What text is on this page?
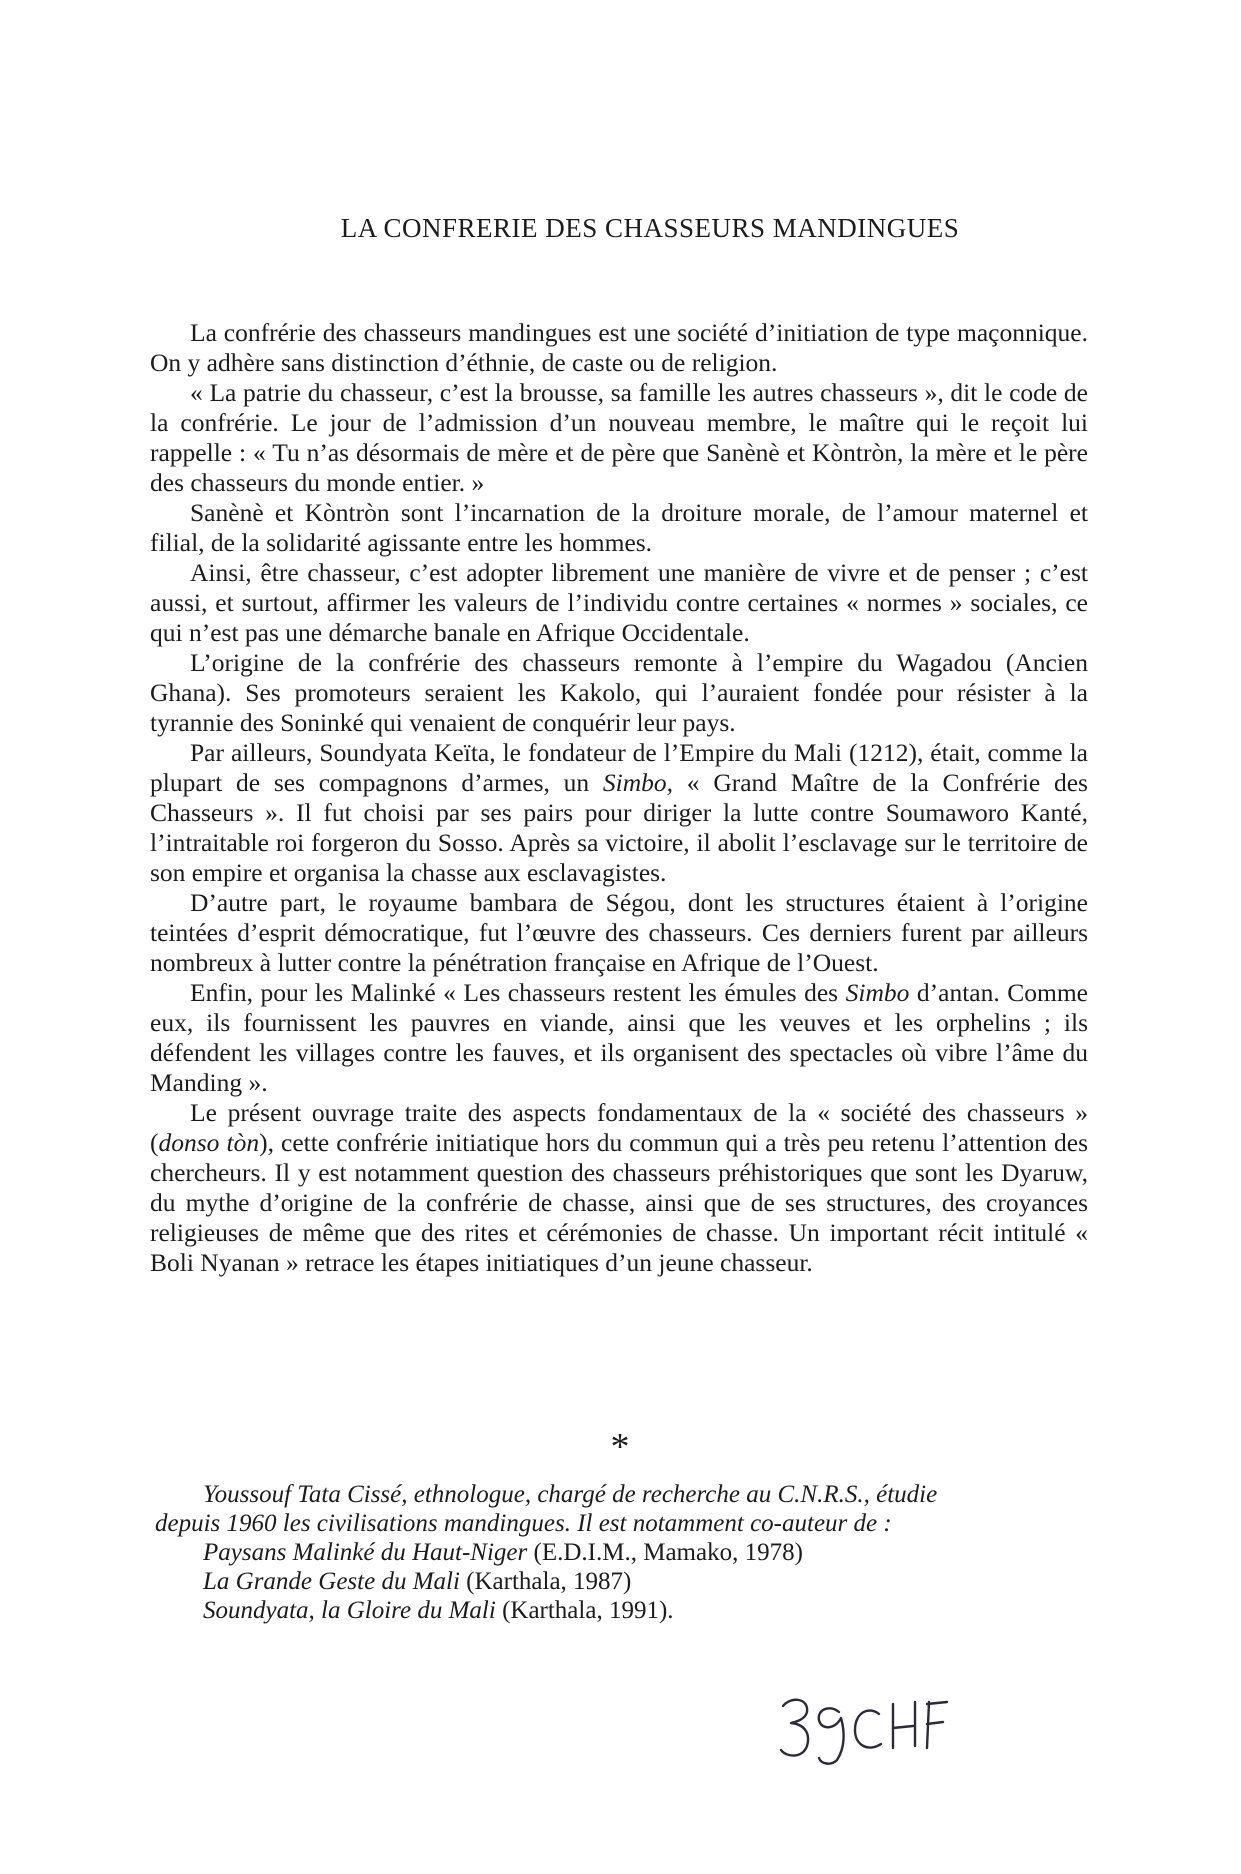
LA CONFRERIE DES CHASSEURS MANDINGUES

La confrérie des chasseurs mandingues est une société d’initiation de type maçonnique. On y adhère sans distinction d’éthnie, de caste ou de religion.

« La patrie du chasseur, c’est la brousse, sa famille les autres chasseurs », dit le code de la confrérie. Le jour de l’admission d’un nouveau membre, le maître qui le reçoit lui rappelle : « Tu n’as désormais de mère et de père que Sanènè et Kòntròn, la mère et le père des chasseurs du monde entier. »

Sanènè et Kòntròn sont l’incarnation de la droiture morale, de l’amour maternel et filial, de la solidarité agissante entre les hommes.

Ainsi, être chasseur, c’est adopter librement une manière de vivre et de penser ; c’est aussi, et surtout, affirmer les valeurs de l’individu contre certaines « normes » sociales, ce qui n’est pas une démarche banale en Afrique Occidentale.

L’origine de la confrérie des chasseurs remonte à l’empire du Wagadou (Ancien Ghana). Ses promoteurs seraient les Kakolo, qui l’auraient fondée pour résister à la tyrannie des Soninké qui venaient de conquérir leur pays.

Par ailleurs, Soundyata Keïta, le fondateur de l’Empire du Mali (1212), était, comme la plupart de ses compagnons d’armes, un Simbo, « Grand Maître de la Confrérie des Chasseurs ». Il fut choisi par ses pairs pour diriger la lutte contre Soumaworo Kanté, l’intraitable roi forgeron du Sosso. Après sa victoire, il abolit l’esclavage sur le territoire de son empire et organisa la chasse aux esclavagistes.

D’autre part, le royaume bambara de Ségou, dont les structures étaient à l’origine teintées d’esprit démocratique, fut l’œuvre des chasseurs. Ces derniers furent par ailleurs nombreux à lutter contre la pénétration française en Afrique de l’Ouest.

Enfin, pour les Malinké « Les chasseurs restent les émules des Simbo d’antan. Comme eux, ils fournissent les pauvres en viande, ainsi que les veuves et les orphelins ; ils défendent les villages contre les fauves, et ils organisent des spectacles où vibre l’âme du Manding ».

Le présent ouvrage traite des aspects fondamentaux de la « société des chasseurs » (donso tòn), cette confrérie initiatique hors du commun qui a très peu retenu l’attention des chercheurs. Il y est notamment question des chasseurs préhistoriques que sont les Dyaruw, du mythe d’origine de la confrérie de chasse, ainsi que de ses structures, des croyances religieuses de même que des rites et cérémonies de chasse. Un important récit intitulé « Boli Nyanan » retrace les étapes initiatiques d’un jeune chasseur.

*
Youssouf Tata Cissé, ethnologue, chargé de recherche au C.N.R.S., étudie
depuis 1960 les civilisations mandingues. Il est notamment co-auteur de :
Paysans Malinké du Haut-Niger (E.D.I.M., Mamako, 1978)
La Grande Geste du Mali (Karthala, 1987)
Soundyata, la Gloire du Mali (Karthala, 1991).
